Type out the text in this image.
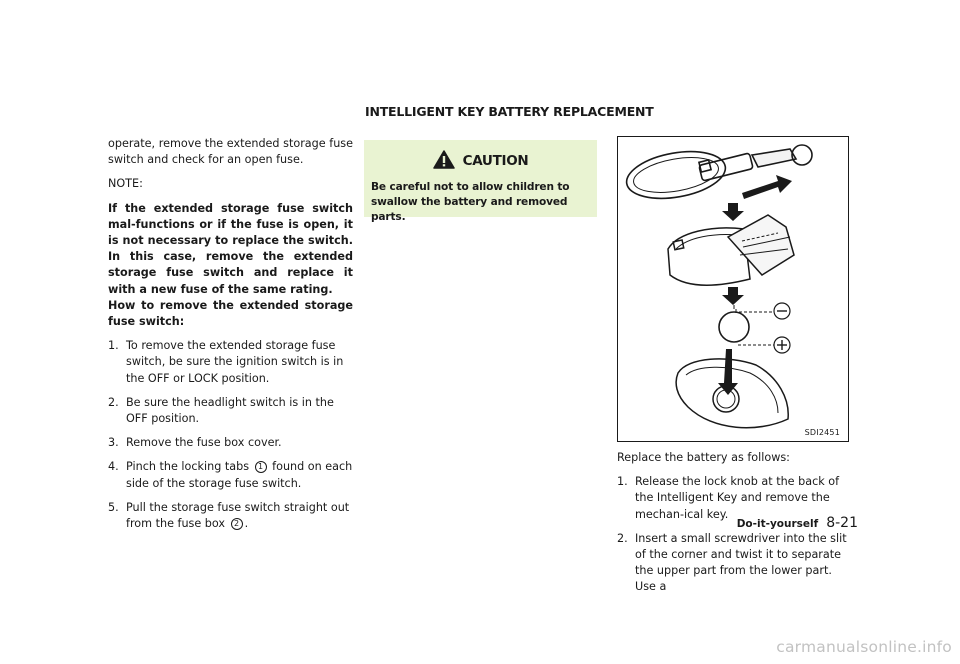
INTELLIGENT KEY BATTERY REPLACEMENT

operate, remove the extended storage fuse switch and check for an open fuse.

NOTE:

If the extended storage fuse switch mal-functions or if the fuse is open, it is not necessary to replace the switch. In this case, remove the extended storage fuse switch and replace it with a new fuse of the same rating.

How to remove the extended storage fuse switch:

1. To remove the extended storage fuse switch, be sure the ignition switch is in the OFF or LOCK position.
2. Be sure the headlight switch is in the OFF position.
3. Remove the fuse box cover.
4. Pinch the locking tabs 1 found on each side of the storage fuse switch.
5. Pull the storage fuse switch straight out from the fuse box 2 .
CAUTION
Be careful not to allow children to swallow the battery and removed parts.
SDI2451

Replace the battery as follows:

1. Release the lock knob at the back of the Intelligent Key and remove the mechan-ical key.
2. Insert a small screwdriver into the slit of the corner and twist it to separate the upper part from the lower part. Use a
Do-it-yourself 8-21
carmanualsonline.info
